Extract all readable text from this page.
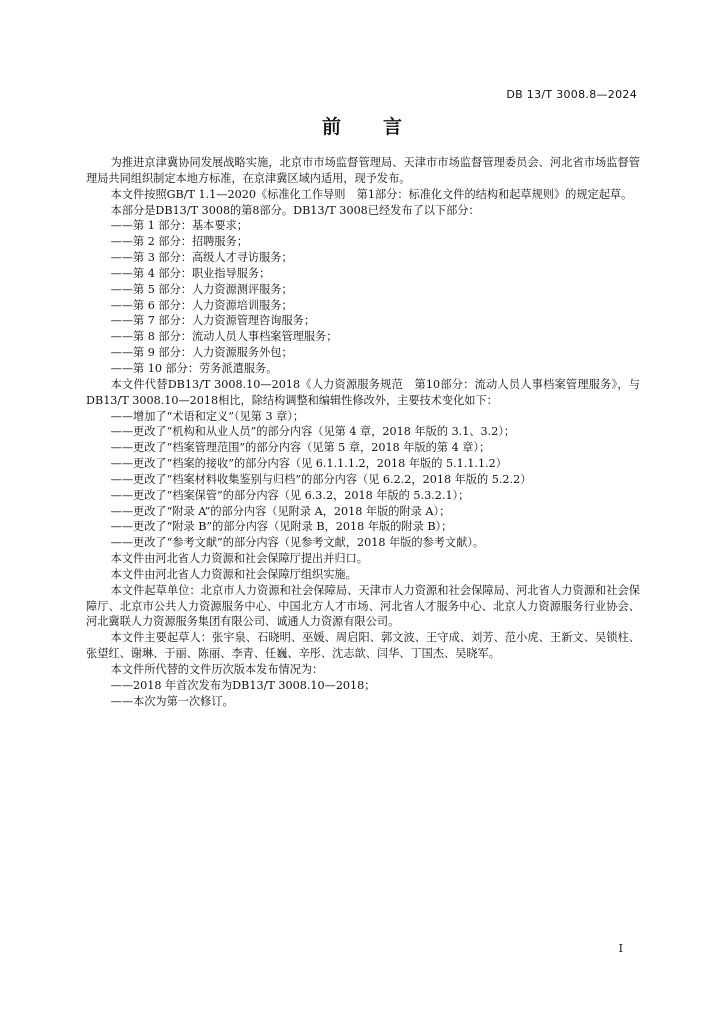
DB 13/T 3008.8—2024
前 言

为推进京津冀协同发展战略实施，北京市市场监督管理局、天津市市场监督管理委员会、河北省市场监督管理局共同组织制定本地方标准，在京津冀区域内适用，现予发布。

本文件按照GB/T 1.1—2020《标准化工作导则　第1部分：标准化文件的结构和起草规则》的规定起草。

本部分是DB13/T 3008的第8部分。DB13/T 3008已经发布了以下部分：

——第 1 部分：基本要求；

——第 2 部分：招聘服务；

——第 3 部分：高级人才寻访服务；

——第 4 部分：职业指导服务；

——第 5 部分：人力资源测评服务；

——第 6 部分：人力资源培训服务；

——第 7 部分：人力资源管理咨询服务；

——第 8 部分：流动人员人事档案管理服务；

——第 9 部分：人力资源服务外包；

——第 10 部分：劳务派遣服务。

本文件代替DB13/T 3008.10—2018《人力资源服务规范　第10部分：流动人员人事档案管理服务》，与DB13/T 3008.10—2018相比，除结构调整和编辑性修改外，主要技术变化如下：

——增加了“术语和定义”（见第 3 章）；

——更改了“机构和从业人员”的部分内容（见第 4 章，2018 年版的 3.1、3.2）；

——更改了“档案管理范围”的部分内容（见第 5 章，2018 年版的第 4 章）；

——更改了“档案的接收”的部分内容（见 6.1.1.1.2，2018 年版的 5.1.1.1.2）

——更改了“档案材料收集鉴别与归档”的部分内容（见 6.2.2，2018 年版的 5.2.2）

——更改了“档案保管”的部分内容（见 6.3.2，2018 年版的 5.3.2.1）；

——更改了“附录 A”的部分内容（见附录 A，2018 年版的附录 A）；

——更改了“附录 B”的部分内容（见附录 B，2018 年版的附录 B）；

——更改了“参考文献”的部分内容（见参考文献，2018 年版的参考文献）。

本文件由河北省人力资源和社会保障厅提出并归口。

本文件由河北省人力资源和社会保障厅组织实施。

本文件起草单位：北京市人力资源和社会保障局、天津市人力资源和社会保障局、河北省人力资源和社会保障厅、北京市公共人力资源服务中心、中国北方人才市场、河北省人才服务中心、北京人力资源服务行业协会、河北冀联人力资源服务集团有限公司、诚通人力资源有限公司。

本文件主要起草人：张宇泉、石晓明、巫媛、周启阳、郭文波、王守成、刘芳、范小虎、王新文、吴锁柱、张望红、谢琳、于丽、陈丽、李青、任巍、辛彤、沈志歆、闫华、丁国杰、吴晓军。

本文件所代替的文件历次版本发布情况为：

——2018 年首次发布为DB13/T 3008.10—2018；

——本次为第一次修订。

I
